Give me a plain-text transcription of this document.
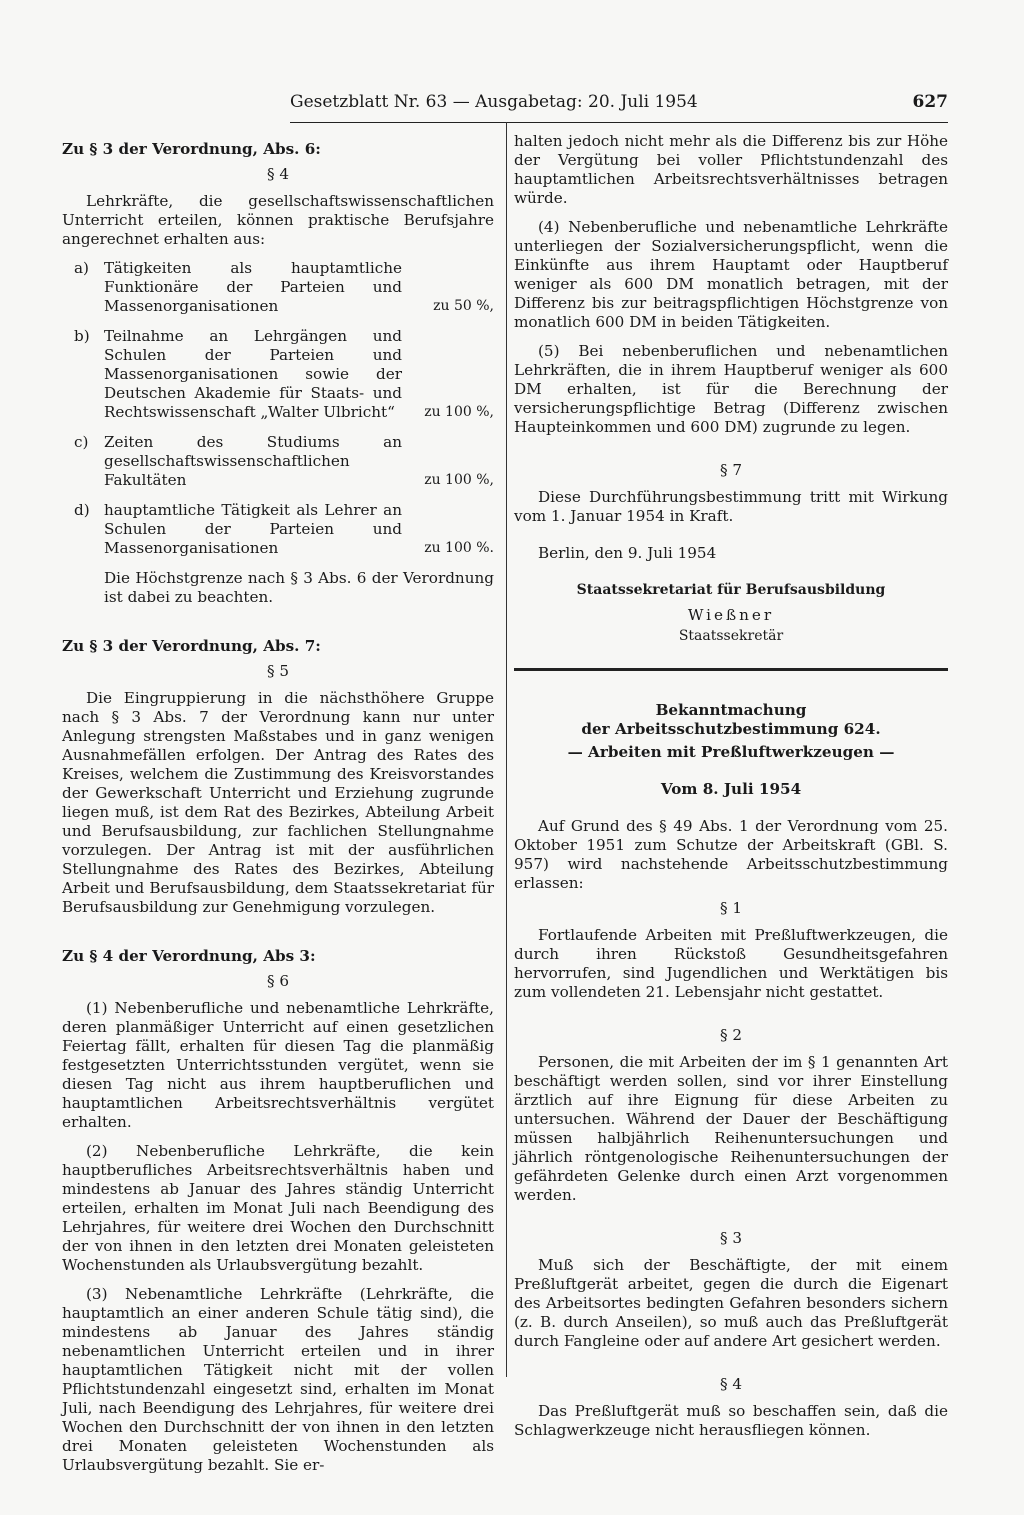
Gesetzblatt Nr. 63 — Ausgabetag: 20. Juli 1954	627

Zu § 3 der Verordnung, Abs. 6:

§ 4

Lehrkräfte, die gesellschaftswissenschaftlichen Unterricht erteilen, können praktische Berufsjahre angerechnet erhalten aus:

a) Tätigkeiten als hauptamtliche Funktionäre der Parteien und Massenorganisationen	zu 50 %,
b) Teilnahme an Lehrgängen und Schulen der Parteien und Massenorganisationen sowie der Deutschen Akademie für Staats- und Rechtswissenschaft „Walter Ulbricht“	zu 100 %,
c) Zeiten des Studiums an gesellschaftswissenschaftlichen Fakultäten	zu 100 %,
d) hauptamtliche Tätigkeit als Lehrer an Schulen der Parteien und Massenorganisationen	zu 100 %.

Die Höchstgrenze nach § 3 Abs. 6 der Verordnung ist dabei zu beachten.

Zu § 3 der Verordnung, Abs. 7:

§ 5

Die Eingruppierung in die nächsthöhere Gruppe nach § 3 Abs. 7 der Verordnung kann nur unter Anlegung strengsten Maßstabes und in ganz wenigen Ausnahmefällen erfolgen. Der Antrag des Rates des Kreises, welchem die Zustimmung des Kreisvorstandes der Gewerkschaft Unterricht und Erziehung zugrunde liegen muß, ist dem Rat des Bezirkes, Abteilung Arbeit und Berufsausbildung, zur fachlichen Stellungnahme vorzulegen. Der Antrag ist mit der ausführlichen Stellungnahme des Rates des Bezirkes, Abteilung Arbeit und Berufsausbildung, dem Staatssekretariat für Berufsausbildung zur Genehmigung vorzulegen.

Zu § 4 der Verordnung, Abs 3:

§ 6

(1) Nebenberufliche und nebenamtliche Lehrkräfte, deren planmäßiger Unterricht auf einen gesetzlichen Feiertag fällt, erhalten für diesen Tag die planmäßig festgesetzten Unterrichtsstunden vergütet, wenn sie diesen Tag nicht aus ihrem hauptberuflichen und hauptamtlichen Arbeitsrechtsverhältnis vergütet erhalten.

(2) Nebenberufliche Lehrkräfte, die kein hauptberufliches Arbeitsrechtsverhältnis haben und mindestens ab Januar des Jahres ständig Unterricht erteilen, erhalten im Monat Juli nach Beendigung des Lehrjahres, für weitere drei Wochen den Durchschnitt der von ihnen in den letzten drei Monaten geleisteten Wochenstunden als Urlaubsvergütung bezahlt.

(3) Nebenamtliche Lehrkräfte (Lehrkräfte, die hauptamtlich an einer anderen Schule tätig sind), die mindestens ab Januar des Jahres ständig nebenamtlichen Unterricht erteilen und in ihrer hauptamtlichen Tätigkeit nicht mit der vollen Pflichtstundenzahl eingesetzt sind, erhalten im Monat Juli, nach Beendigung des Lehrjahres, für weitere drei Wochen den Durchschnitt der von ihnen in den letzten drei Monaten geleisteten Wochenstunden als Urlaubsvergütung bezahlt. Sie er-

halten jedoch nicht mehr als die Differenz bis zur Höhe der Vergütung bei voller Pflichtstundenzahl des hauptamtlichen Arbeitsrechtsverhältnisses betragen würde.

(4) Nebenberufliche und nebenamtliche Lehrkräfte unterliegen der Sozialversicherungspflicht, wenn die Einkünfte aus ihrem Hauptamt oder Hauptberuf weniger als 600 DM monatlich betragen, mit der Differenz bis zur beitragspflichtigen Höchstgrenze von monatlich 600 DM in beiden Tätigkeiten.

(5) Bei nebenberuflichen und nebenamtlichen Lehrkräften, die in ihrem Hauptberuf weniger als 600 DM erhalten, ist für die Berechnung der versicherungspflichtige Betrag (Differenz zwischen Haupteinkommen und 600 DM) zugrunde zu legen.

§ 7

Diese Durchführungsbestimmung tritt mit Wirkung vom 1. Januar 1954 in Kraft.

Berlin, den 9. Juli 1954

Staatssekretariat für Berufsausbildung

Wießner

Staatssekretär

Bekanntmachung

der Arbeitsschutzbestimmung 624.

— Arbeiten mit Preßluftwerkzeugen —

Vom 8. Juli 1954

Auf Grund des § 49 Abs. 1 der Verordnung vom 25. Oktober 1951 zum Schutze der Arbeitskraft (GBl. S. 957) wird nachstehende Arbeitsschutzbestimmung erlassen:

§ 1

Fortlaufende Arbeiten mit Preßluftwerkzeugen, die durch ihren Rückstoß Gesundheitsgefahren hervorrufen, sind Jugendlichen und Werktätigen bis zum vollendeten 21. Lebensjahr nicht gestattet.

§ 2

Personen, die mit Arbeiten der im § 1 genannten Art beschäftigt werden sollen, sind vor ihrer Einstellung ärztlich auf ihre Eignung für diese Arbeiten zu untersuchen. Während der Dauer der Beschäftigung müssen halbjährlich Reihenuntersuchungen und jährlich röntgenologische Reihenuntersuchungen der gefährdeten Gelenke durch einen Arzt vorgenommen werden.

§ 3

Muß sich der Beschäftigte, der mit einem Preßluftgerät arbeitet, gegen die durch die Eigenart des Arbeitsortes bedingten Gefahren besonders sichern (z. B. durch Anseilen), so muß auch das Preßluftgerät durch Fangleine oder auf andere Art gesichert werden.

§ 4

Das Preßluftgerät muß so beschaffen sein, daß die Schlagwerkzeuge nicht herausfliegen können.
